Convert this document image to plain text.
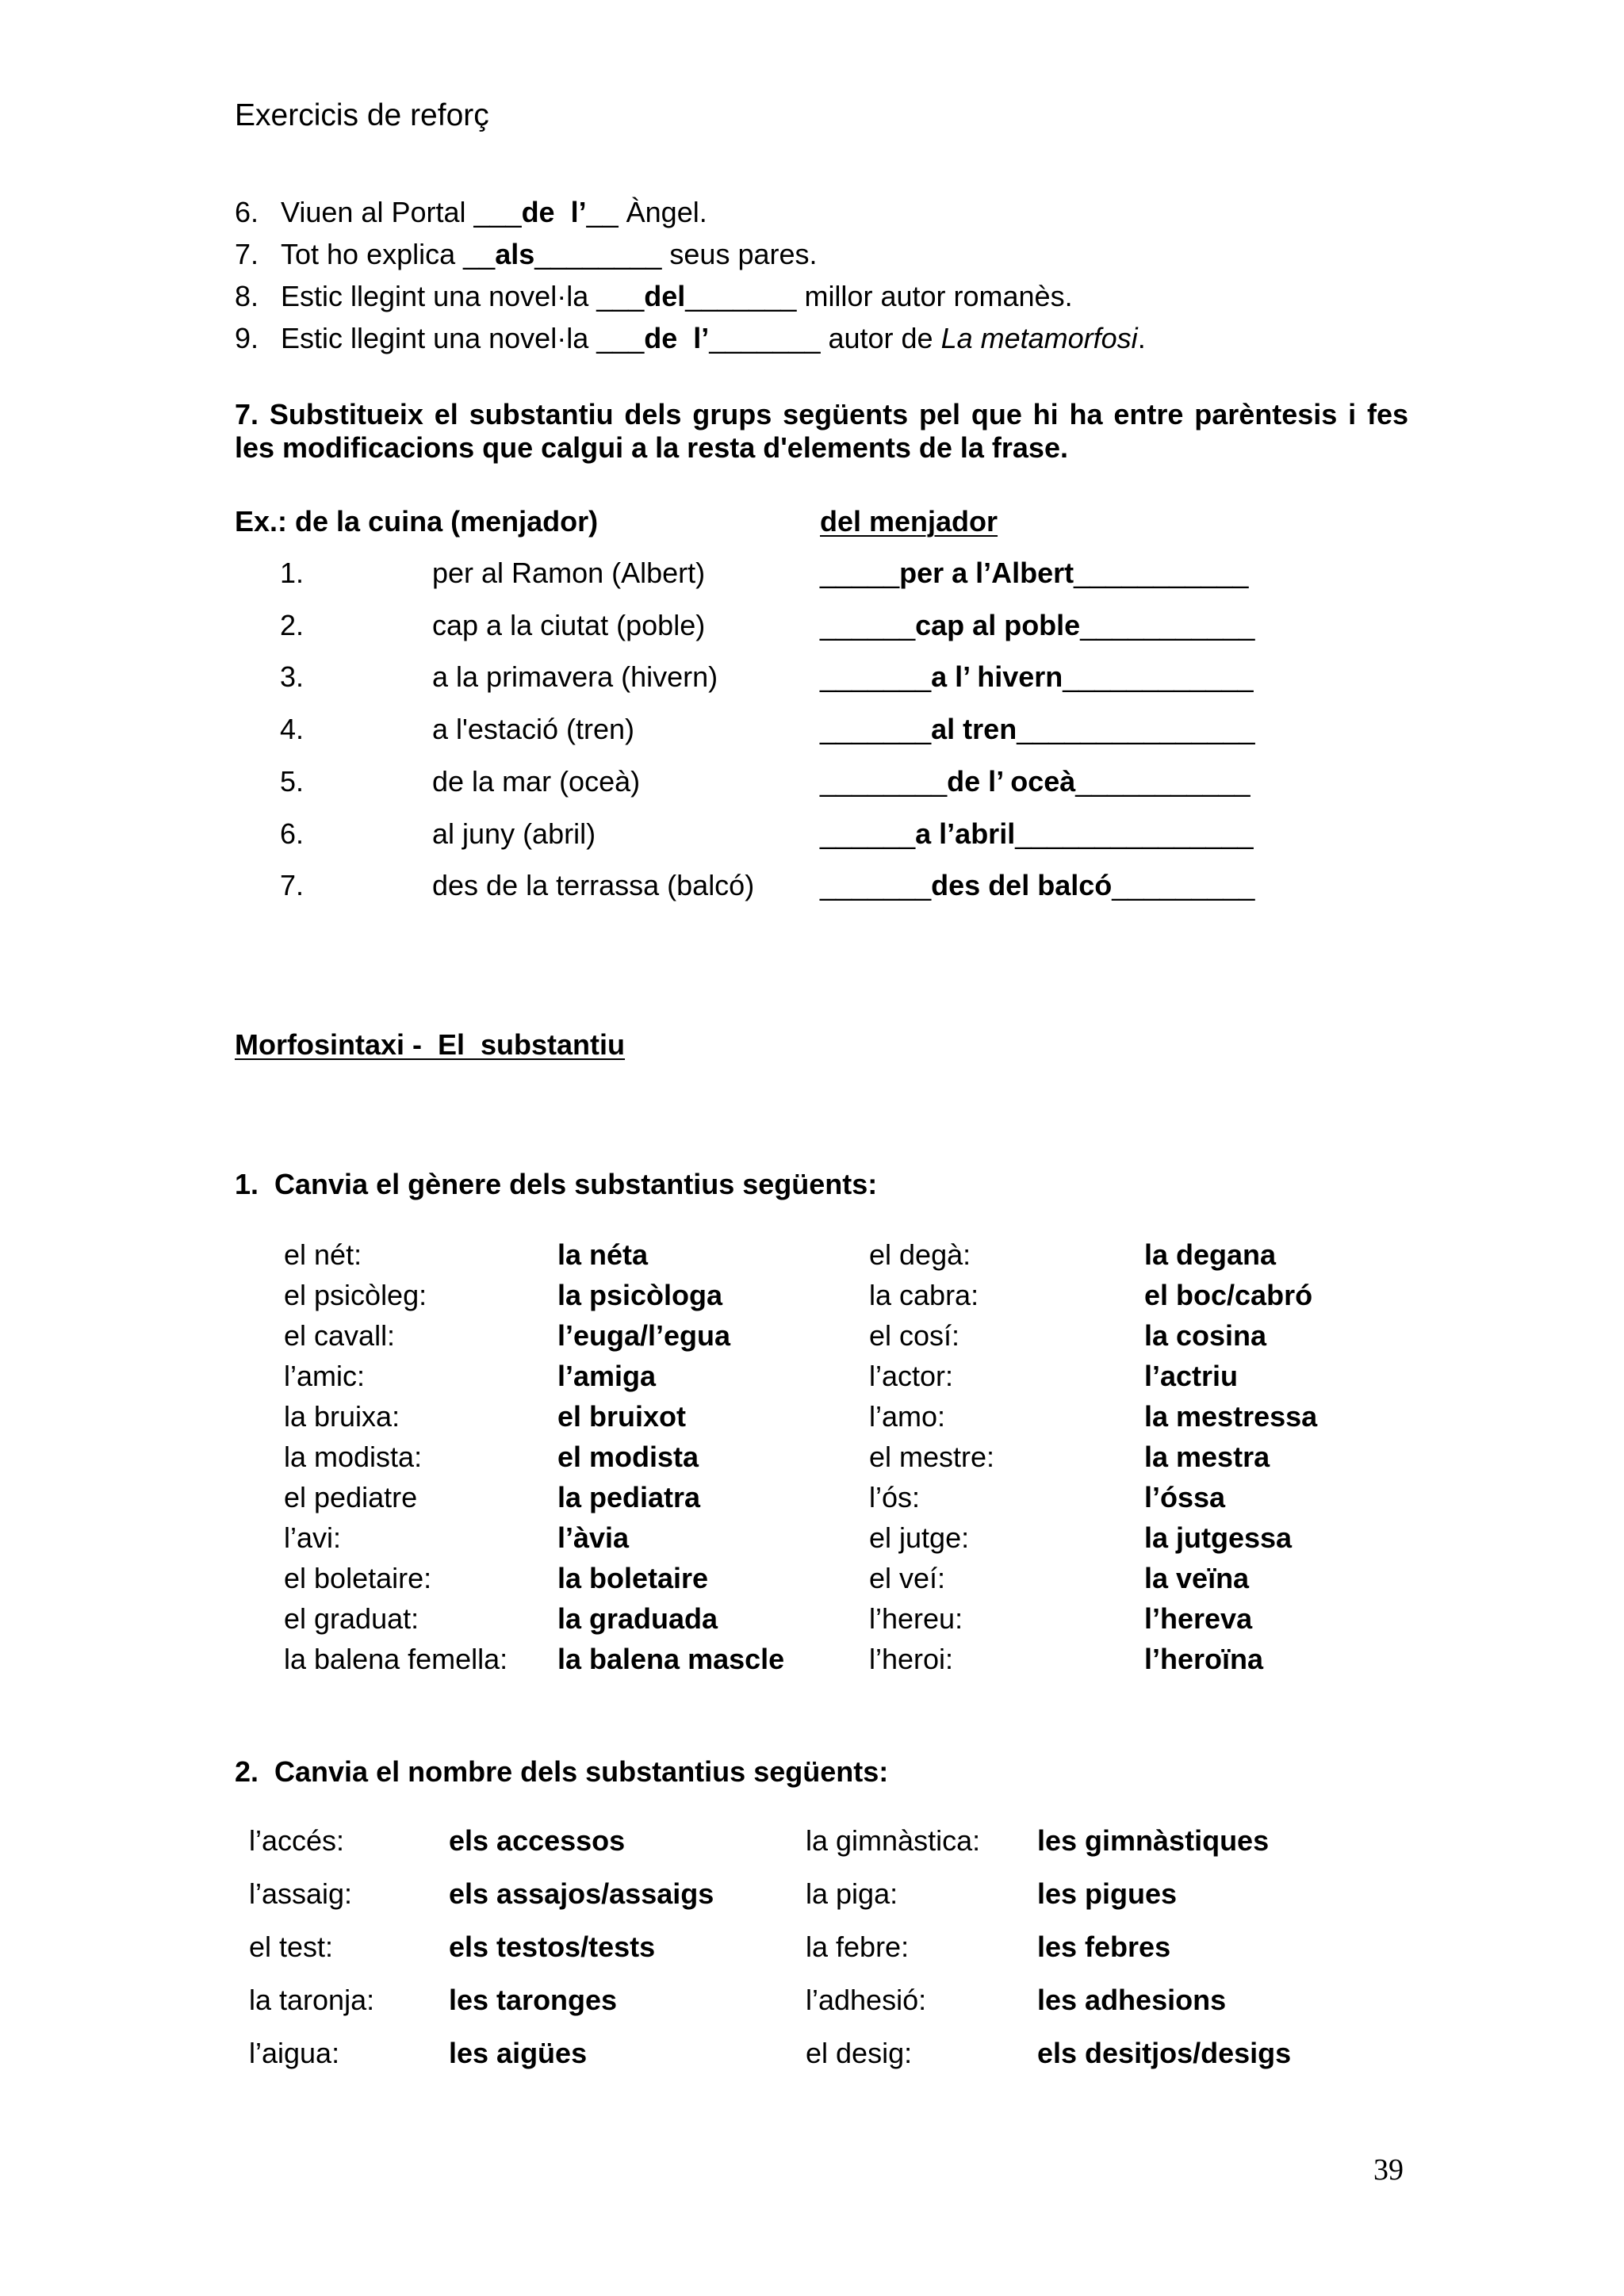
Exercicis de reforç
6. Viuen al Portal ___de  l’__ Àngel.
7. Tot ho explica __als________ seus pares.
8. Estic llegint una novel·la ___del_______ millor autor romanès.
9. Estic llegint una novel·la ___de  l’_______ autor de La metamorfosi.
7. Substitueix el substantiu dels grups següents pel que hi ha entre parèntesis i fes les modificacions que calgui a la resta d'elements de la frase.
Ex.: de la cuina (menjador)	del menjador
1.	per al Ramon (Albert)	_____per a l’Albert___________
2.	cap a la ciutat (poble)	______cap al poble___________
3.	a la primavera (hivern)	_______a l’ hivern____________
4.	a l'estació (tren)	_______al tren_______________
5.	de la mar (oceà)	________de l’ oceà___________
6.	al juny (abril)	______a l’abril_______________
7.	des de la terrassa (balcó) _______des del balcó_________
Morfosintaxi -  El  substantiu
1.  Canvia el gènere dels substantius següents:
el nét:	la néta	el degà:	la degana
el psicòleg:	la psicòloga	la cabra:	el boc/cabró
el cavall:	l’euga/l’egua	el cosí:	la cosina
l’amic:	l’amiga	l’actor:	l’actriu
la bruixa:	el bruixot	l’amo:	la mestressa
la modista:	el modista	el mestre:	la mestra
el pediatre	la pediatra	l’ós:	l’óssa
l’avi:	l’àvia	el jutge:	la jutgessa
el boletaire:	la boletaire	el veí:	la veïna
el graduat:	la graduada	l’hereu:	l’hereva
la balena femella: la balena mascle	l’heroi:	l’heroïna
2.  Canvia el nombre dels substantius següents:
l’accés:	els accessos	la gimnàstica: les gimnàstiques
l’assaig:	els assajos/assaigs	la piga:	les pigues
el test:	els testos/tests	la febre:	les febres
la taronja:	les taronges	l’adhesió:	les adhesions
l’aigua:	les aigües	el desig:	els desitjos/desigs
39
